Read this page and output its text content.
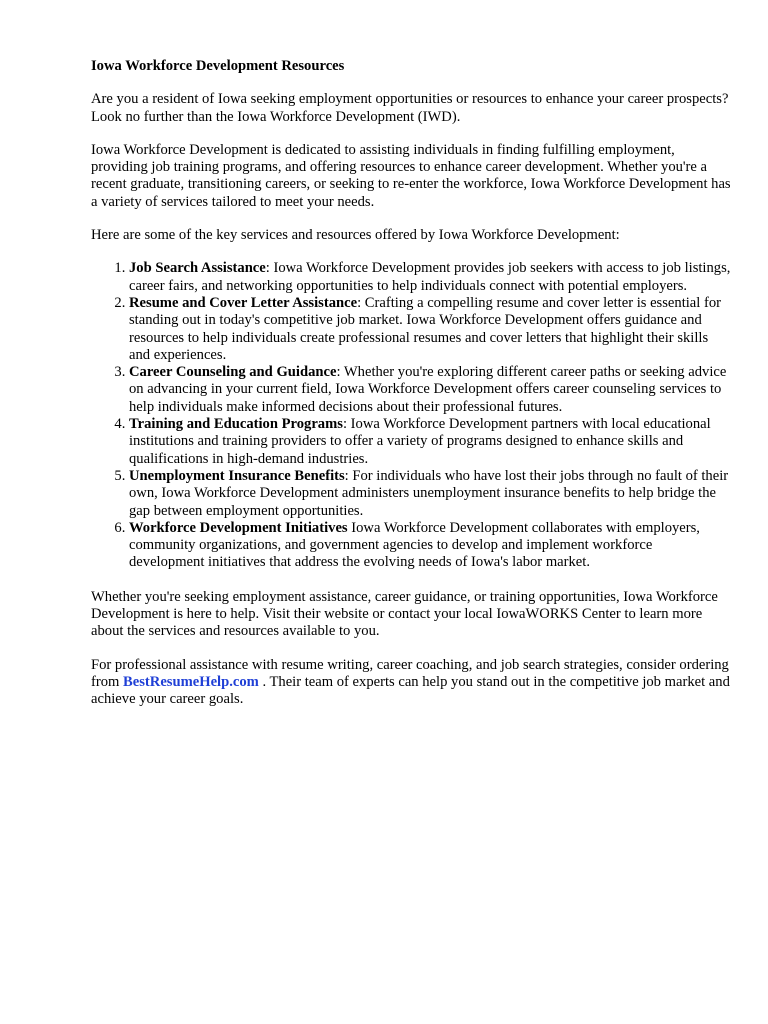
Iowa Workforce Development Resources

Are you a resident of Iowa seeking employment opportunities or resources to enhance your career prospects? Look no further than the Iowa Workforce Development (IWD).

Iowa Workforce Development is dedicated to assisting individuals in finding fulfilling employment, providing job training programs, and offering resources to enhance career development. Whether you're a recent graduate, transitioning careers, or seeking to re-enter the workforce, Iowa Workforce Development has a variety of services tailored to meet your needs.

Here are some of the key services and resources offered by Iowa Workforce Development:

1. Job Search Assistance: Iowa Workforce Development provides job seekers with access to job listings, career fairs, and networking opportunities to help individuals connect with potential employers.
2. Resume and Cover Letter Assistance: Crafting a compelling resume and cover letter is essential for standing out in today's competitive job market. Iowa Workforce Development offers guidance and resources to help individuals create professional resumes and cover letters that highlight their skills and experiences.
3. Career Counseling and Guidance: Whether you're exploring different career paths or seeking advice on advancing in your current field, Iowa Workforce Development offers career counseling services to help individuals make informed decisions about their professional futures.
4. Training and Education Programs: Iowa Workforce Development partners with local educational institutions and training providers to offer a variety of programs designed to enhance skills and qualifications in high-demand industries.
5. Unemployment Insurance Benefits: For individuals who have lost their jobs through no fault of their own, Iowa Workforce Development administers unemployment insurance benefits to help bridge the gap between employment opportunities.
6. Workforce Development Initiatives Iowa Workforce Development collaborates with employers, community organizations, and government agencies to develop and implement workforce development initiatives that address the evolving needs of Iowa's labor market.

Whether you're seeking employment assistance, career guidance, or training opportunities, Iowa Workforce Development is here to help. Visit their website or contact your local IowaWORKS Center to learn more about the services and resources available to you.

For professional assistance with resume writing, career coaching, and job search strategies, consider ordering from BestResumeHelp.com . Their team of experts can help you stand out in the competitive job market and achieve your career goals.
